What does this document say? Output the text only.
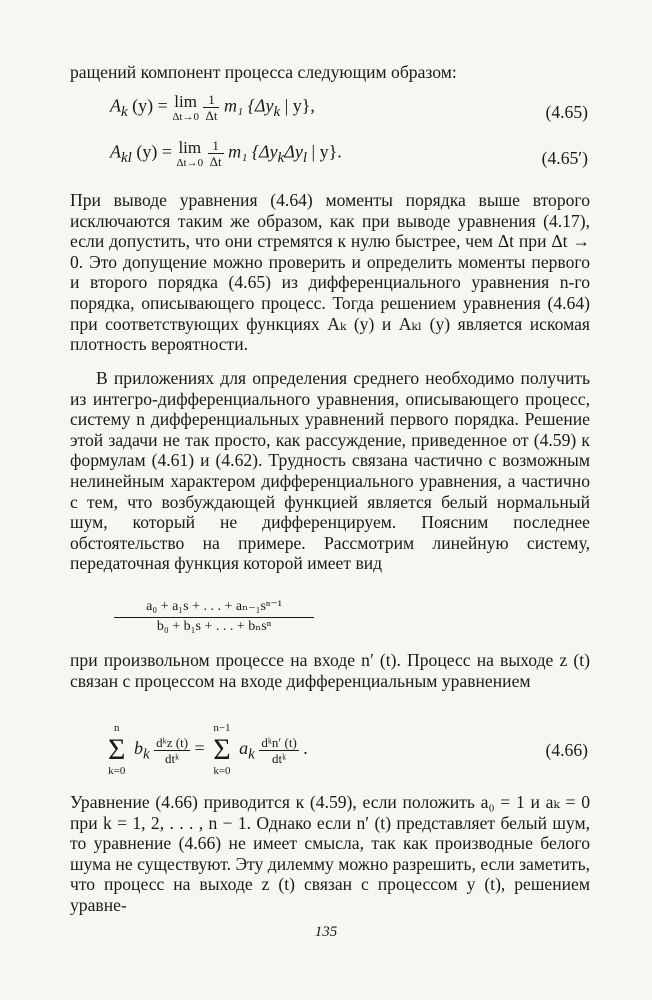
ращений компонент процесса следующим образом:
$A_k$ (y) = lim
Δt→0
$\frac{1}{\Delta t} m_1$ {$\Delta y_k$ | y},	(4.65)
$A_{kl}$ (y) = lim
Δt→0
$\frac{1}{\Delta t} m_1$ {$\Delta y_k\Delta y_l$ | y}.	(4.65′)
При выводе уравнения (4.64) моменты порядка выше второго исключаются таким же образом, как при выводе уравнения (4.17), если допустить, что они стремятся к нулю быстрее, чем Δt при Δt → 0. Это допущение можно проверить и определить моменты первого и второго порядка (4.65) из дифференциального уравнения n-го порядка, описывающего процесс. Тогда решением уравнения (4.64) при соответствующих функциях Aₖ (y) и Aₖₗ (y) является искомая плотность вероятности.
В приложениях для определения среднего необходимо получить из интегро-дифференциального уравнения, описывающего процесс, систему n дифференциальных уравнений первого порядка. Решение этой задачи не так просто, как рассуждение, приведенное от (4.59) к формулам (4.61) и (4.62). Трудность связана частично с возможным нелинейным характером дифференциального уравнения, а частично с тем, что возбуждающей функцией является белый нормальный шум, который не дифференцируем. Поясним последнее обстоятельство на примере. Рассмотрим линейную систему, передаточная функция которой имеет вид
a₀ + a₁s + . . . + aₙ₋₁sⁿ⁻¹
b₀ + b₁s + . . . + bₙsⁿ
при произвольном процессе на входе n′ (t). Процесс на выходе z (t) связан с процессом на входе дифференциальным уравнением
n
Σ
k=0
$b_k \frac{\text{dᵏz (t)}}{\text{dtᵏ}}$ =
n−1
Σ
k=0
$a_k \frac{\text{dᵏn′ (t)}}{\text{dtᵏ}}$ .	(4.66)
Уравнение (4.66) приводится к (4.59), если положить a₀ = 1 и aₖ = 0 при k = 1, 2, . . . , n − 1. Однако если n′ (t) представляет белый шум, то уравнение (4.66) не имеет смысла, так как производные белого шума не существуют. Эту дилемму можно разрешить, если заметить, что процесс на выходе z (t) связан с процессом y (t), решением уравне-
135
